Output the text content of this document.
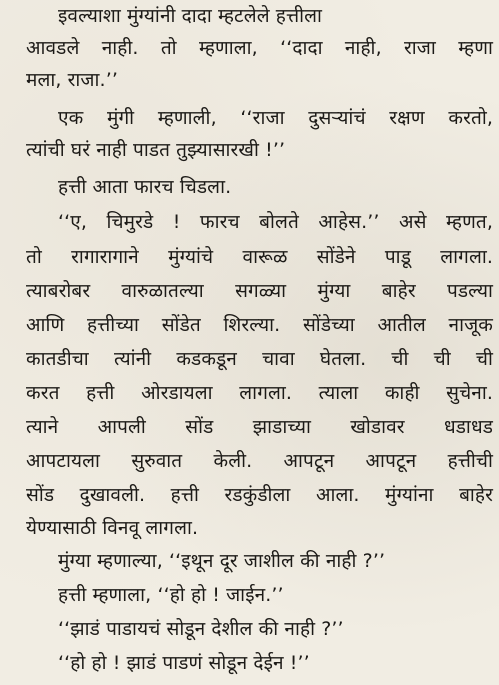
इवल्याशा मुंग्यांनी दादा म्हटलेले हत्तीला
आवडले नाही. तो म्हणाला, ‘‘दादा नाही, राजा म्हणा
मला, राजा.’’
एक मुंगी म्हणाली, ‘‘राजा दुसऱ्यांचं रक्षण करतो,
त्यांची घरं नाही पाडत तुझ्यासारखी !’’
हत्ती आता फारच चिडला.
‘‘ए, चिमुरडे ! फारच बोलते आहेस.’’ असे म्हणत,
तो रागारागाने मुंग्यांचे वारूळ सोंडेने पाडू लागला.
त्याबरोबर वारुळातल्या सगळ्या मुंग्या बाहेर पडल्या
आणि हत्तीच्या सोंडेत शिरल्या. सोंडेच्या आतील नाजूक
कातडीचा त्यांनी कडकडून चावा घेतला. ची ची ची
करत हत्ती ओरडायला लागला. त्याला काही सुचेना.
त्याने आपली सोंड झाडाच्या खोडावर धडाधड
आपटायला सुरुवात केली. आपटून आपटून हत्तीची
सोंड दुखावली. हत्ती रडकुंडीला आला. मुंग्यांना बाहेर
येण्यासाठी विनवू लागला.
मुंग्या म्हणाल्या, ‘‘इथून दूर जाशील की नाही ?’’
हत्ती म्हणाला, ‘‘हो हो ! जाईन.’’
‘‘झाडं पाडायचं सोडून देशील की नाही ?’’
‘‘हो हो ! झाडं पाडणं सोडून देईन !’’
